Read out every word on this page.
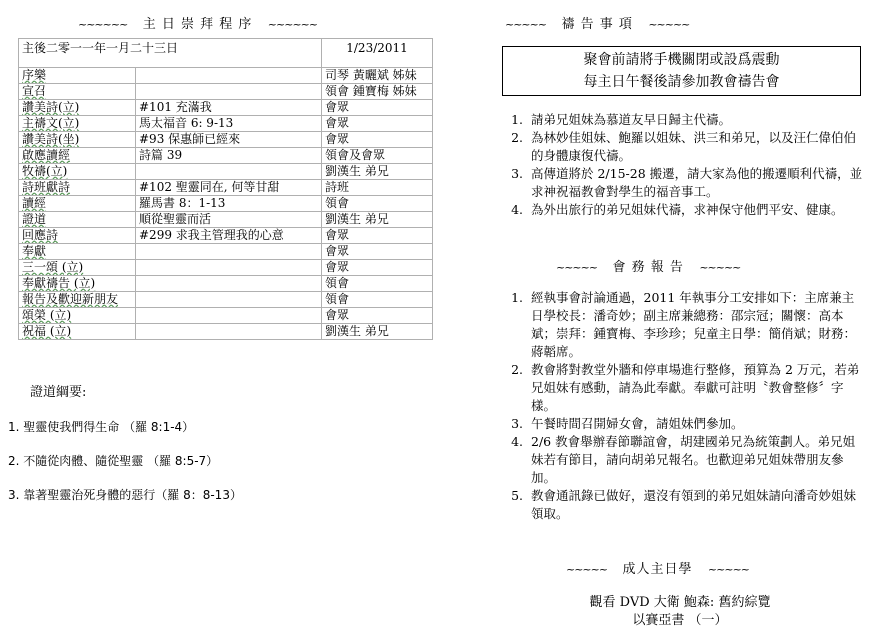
~~~~~~ 主 日 崇 拜 程 序 ~~~~~~
主後二零一一年一月二十三日		1/23/2011
序樂		司琴 黃曬斌 姊妹
宣召		領會 鍾寶梅 姊妹
讚美詩(立)	#101 充滿我	會眾
主禱文(立)	馬太福音 6: 9-13	會眾
讚美詩(坐)	#93 保惠師已經來	會眾
啟應讀經	詩篇 39	領會及會眾
牧禱(立)		劉漢生 弟兄
詩班獻詩	#102 聖靈同在, 何等甘甜	詩班
讀經	羅馬書 8：1-13	領會
證道	順從聖靈而活	劉漢生 弟兄
回應詩	#299 求我主管理我的心意	會眾
奉獻		會眾
三一頌 (立)		會眾
奉獻禱告 (立)		領會
報告及歡迎新朋友		領會
頌榮 (立)		會眾
祝福 (立)		劉漢生 弟兄
證道綱要:
1. 聖靈使我們得生命 （羅 8:1-4）
2. 不隨從肉體、隨從聖靈 （羅 8:5-7）
3. 靠著聖靈治死身體的惡行（羅 8：8-13）
~~~~~ 禱 告 事 項 ~~~~~
聚會前請將手機關閉或設爲震動
每主日午餐後請參加教會禱告會
1. 請弟兄姐妹為慕道友早日歸主代禱。
2. 為林妙佳姐妹、鮑羅以姐妹、洪三和弟兄，以及汪仁偉伯伯的身體康復代禱。
3. 高傳道將於 2/15-28 搬遷，請大家為他的搬遷順利代禱，並求神祝福教會對學生的福音事工。
4. 為外出旅行的弟兄姐妹代禱，求神保守他們平安、健康。
~~~~~ 會 務 報 告 ~~~~~
1. 經執事會討論通過，2011 年執事分工安排如下：主席兼主日學校長：潘奇妙；副主席兼總務：邵宗冠；關懷：高本斌；崇拜：鍾寶梅、李珍珍；兒童主日學：簡俏斌；財務：蔣韜席。
2. 教會將對教堂外牆和停車場進行整修，預算為 2 万元，若弟兄姐妹有感動，請為此奉獻。奉獻可註明〝教會整修〞字樣。
3. 午餐時間召開婦女會，請姐妹們參加。
4. 2/6 教會舉辦春節聯誼會，胡建國弟兄為統策劃人。弟兄姐妹若有節目，請向胡弟兄報名。也歡迎弟兄姐妹帶朋友參加。
5. 教會通訊錄已做好，還沒有領到的弟兄姐妹請向潘奇妙姐妹領取。
~~~~~ 成人主日學 ~~~~~
觀看 DVD 大衛 鮑森: 舊約綜覽
以賽亞書 （一）
